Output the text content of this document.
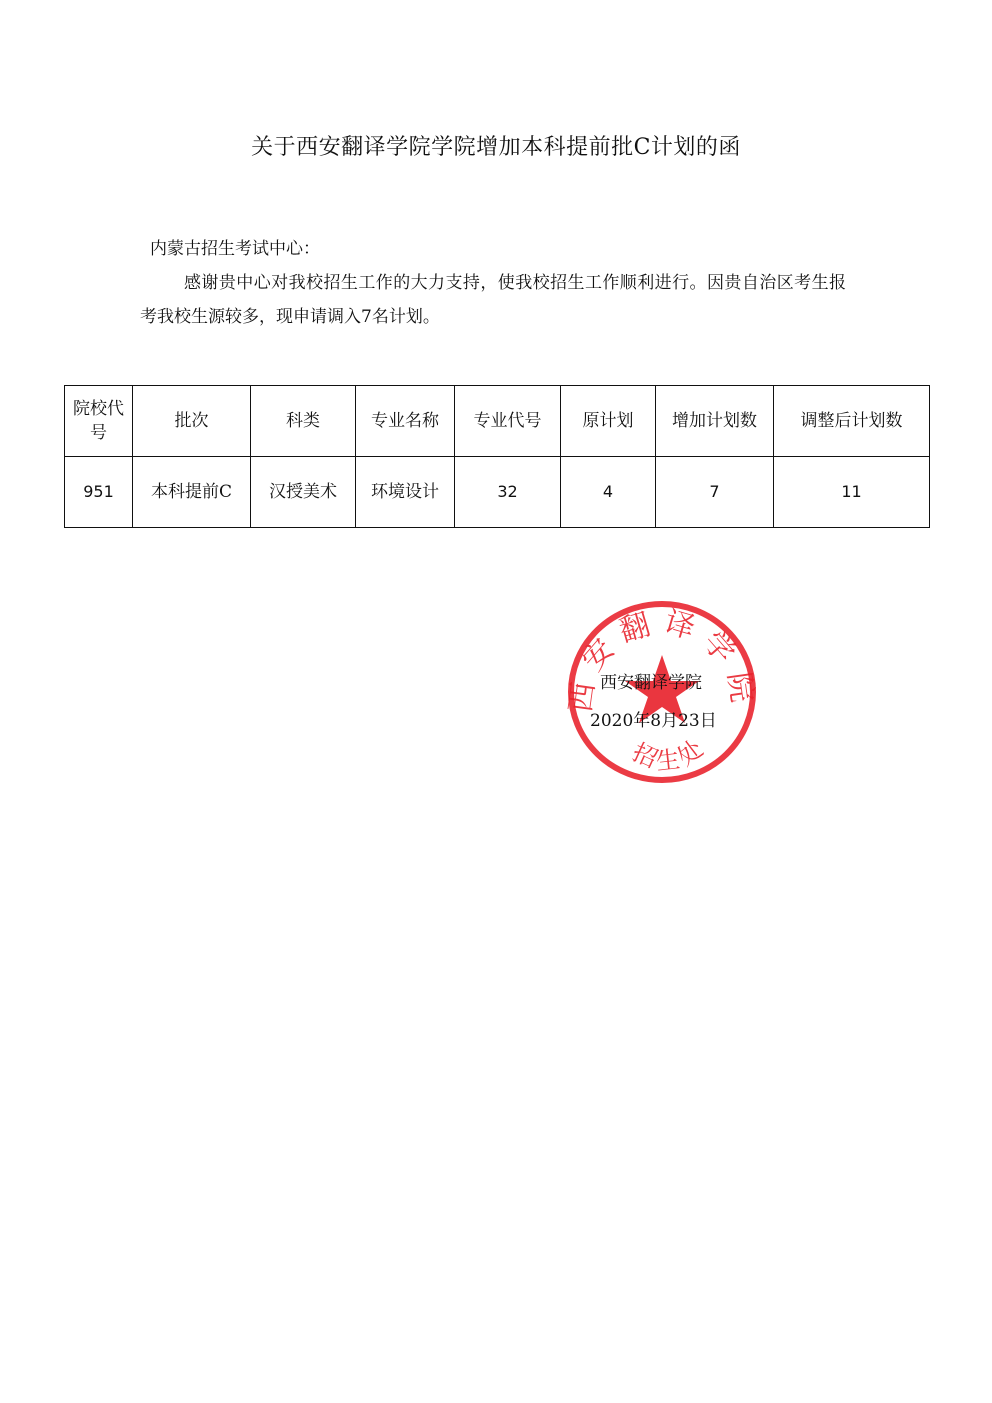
关于西安翻译学院学院增加本科提前批C计划的函
内蒙古招生考试中心：

感谢贵中心对我校招生工作的大力支持，使我校招生工作顺利进行。因贵自治区考生报考我校生源较多，现申请调入7名计划。

院校代号	批次	科类	专业名称	专业代号	原计划	增加计划数	调整后计划数
951	本科提前C	汉授美术	环境设计	32	4	7	11
西安翻译学院
招生处
西安翻译学院
2020年8月23日
